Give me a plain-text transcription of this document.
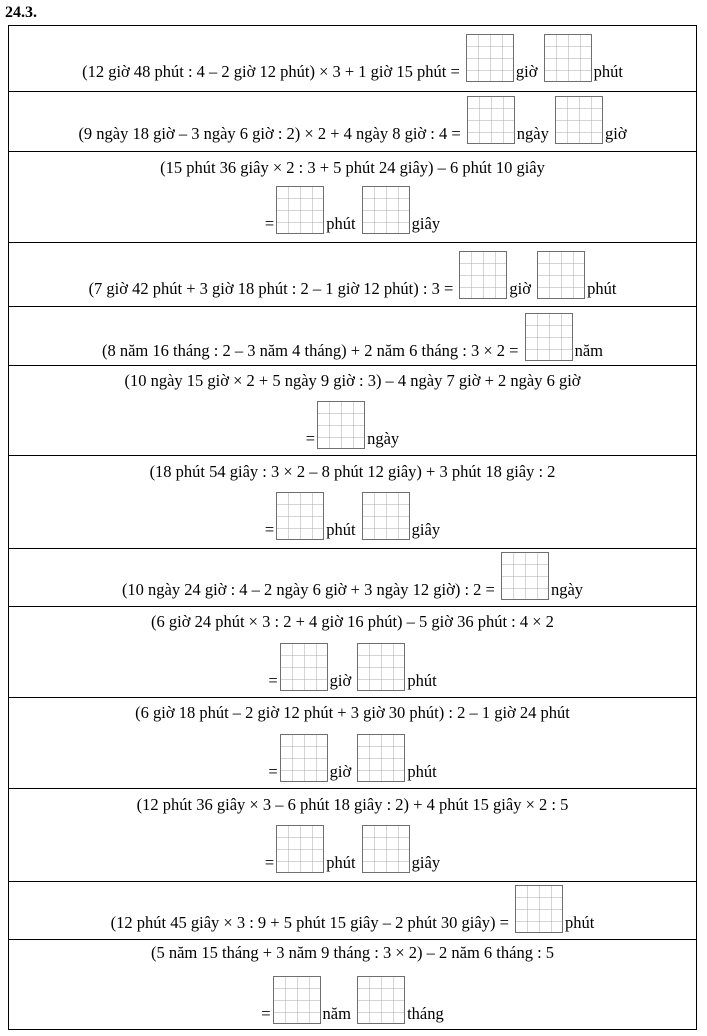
24.3.
(12 giờ 48 phút : 4 – 2 giờ 12 phút) × 3 + 1 giờ 15 phút =	giờ	phút
(9 ngày 18 giờ – 3 ngày 6 giờ : 2) × 2 + 4 ngày 8 giờ : 4 =	ngày	giờ
(15 phút 36 giây × 2 : 3 + 5 phút 24 giây) – 6 phút 10 giây
=	phút	giây
(7 giờ 42 phút + 3 giờ 18 phút : 2 – 1 giờ 12 phút) : 3 =	giờ	phút
(8 năm 16 tháng : 2 – 3 năm 4 tháng) + 2 năm 6 tháng : 3 × 2 =	năm
(10 ngày 15 giờ × 2 + 5 ngày 9 giờ : 3) – 4 ngày 7 giờ + 2 ngày 6 giờ
=	ngày
(18 phút 54 giây : 3 × 2 – 8 phút 12 giây) + 3 phút 18 giây : 2
=	phút	giây
(10 ngày 24 giờ : 4 – 2 ngày 6 giờ + 3 ngày 12 giờ) : 2 =	ngày
(6 giờ 24 phút × 3 : 2 + 4 giờ 16 phút) – 5 giờ 36 phút : 4 × 2
=	giờ	phút
(6 giờ 18 phút – 2 giờ 12 phút + 3 giờ 30 phút) : 2 – 1 giờ 24 phút
=	giờ	phút
(12 phút 36 giây × 3 – 6 phút 18 giây : 2) + 4 phút 15 giây × 2 : 5
=	phút	giây
(12 phút 45 giây × 3 : 9 + 5 phút 15 giây – 2 phút 30 giây) =	phút
(5 năm 15 tháng + 3 năm 9 tháng : 3 × 2) – 2 năm 6 tháng : 5
=	năm	tháng
